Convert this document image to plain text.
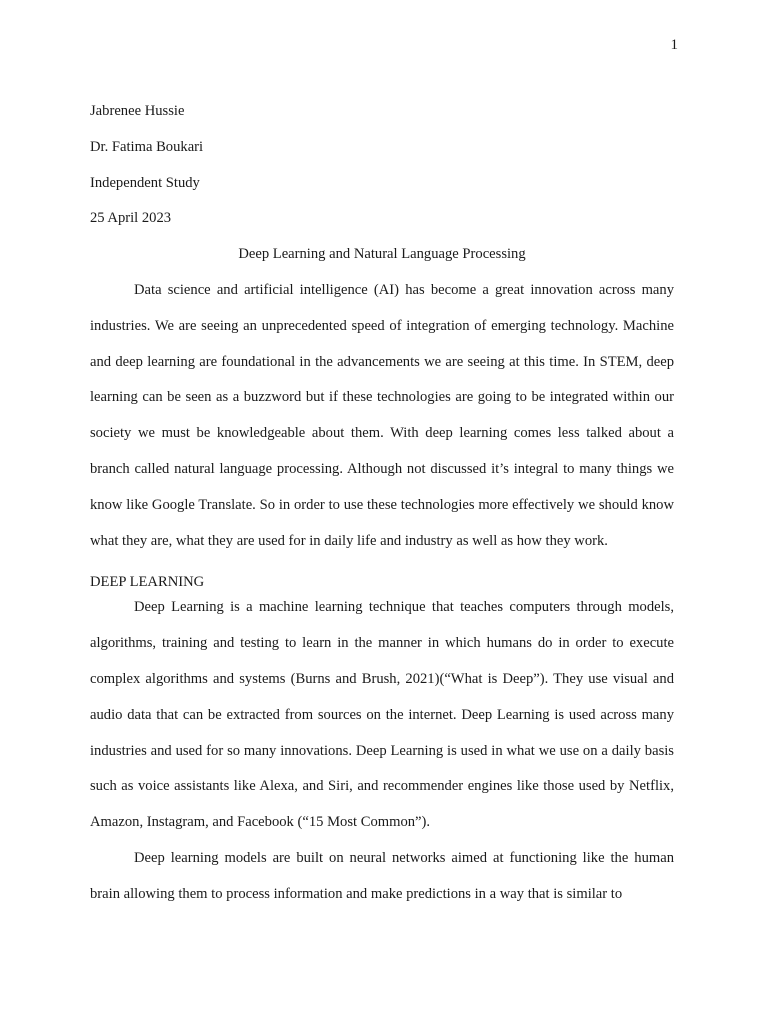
1

Jabrenee Hussie

Dr. Fatima Boukari

Independent Study

25 April 2023

Deep Learning and Natural Language Processing

Data science and artificial intelligence (AI) has become a great innovation across many industries. We are seeing an unprecedented speed of integration of emerging technology. Machine and deep learning are foundational in the advancements we are seeing at this time. In STEM, deep learning can be seen as a buzzword but if these technologies are going to be integrated within our society we must be knowledgeable about them. With deep learning comes less talked about a branch called natural language processing. Although not discussed it’s integral to many things we know like Google Translate. So in order to use these technologies more effectively we should know what they are, what they are used for in daily life and industry as well as how they work.

DEEP LEARNING

Deep Learning is a machine learning technique that teaches computers through models, algorithms, training and testing to learn in the manner in which humans do in order to execute complex algorithms and systems (Burns and Brush, 2021)(“What is Deep”). They use visual and audio data that can be extracted from sources on the internet. Deep Learning is used across many industries and used for so many innovations. Deep Learning is used in what we use on a daily basis such as voice assistants like Alexa, and Siri, and recommender engines like those used by Netflix, Amazon, Instagram, and Facebook (“15 Most Common”).

Deep learning models are built on neural networks aimed at functioning like the human brain allowing them to process information and make predictions in a way that is similar to
